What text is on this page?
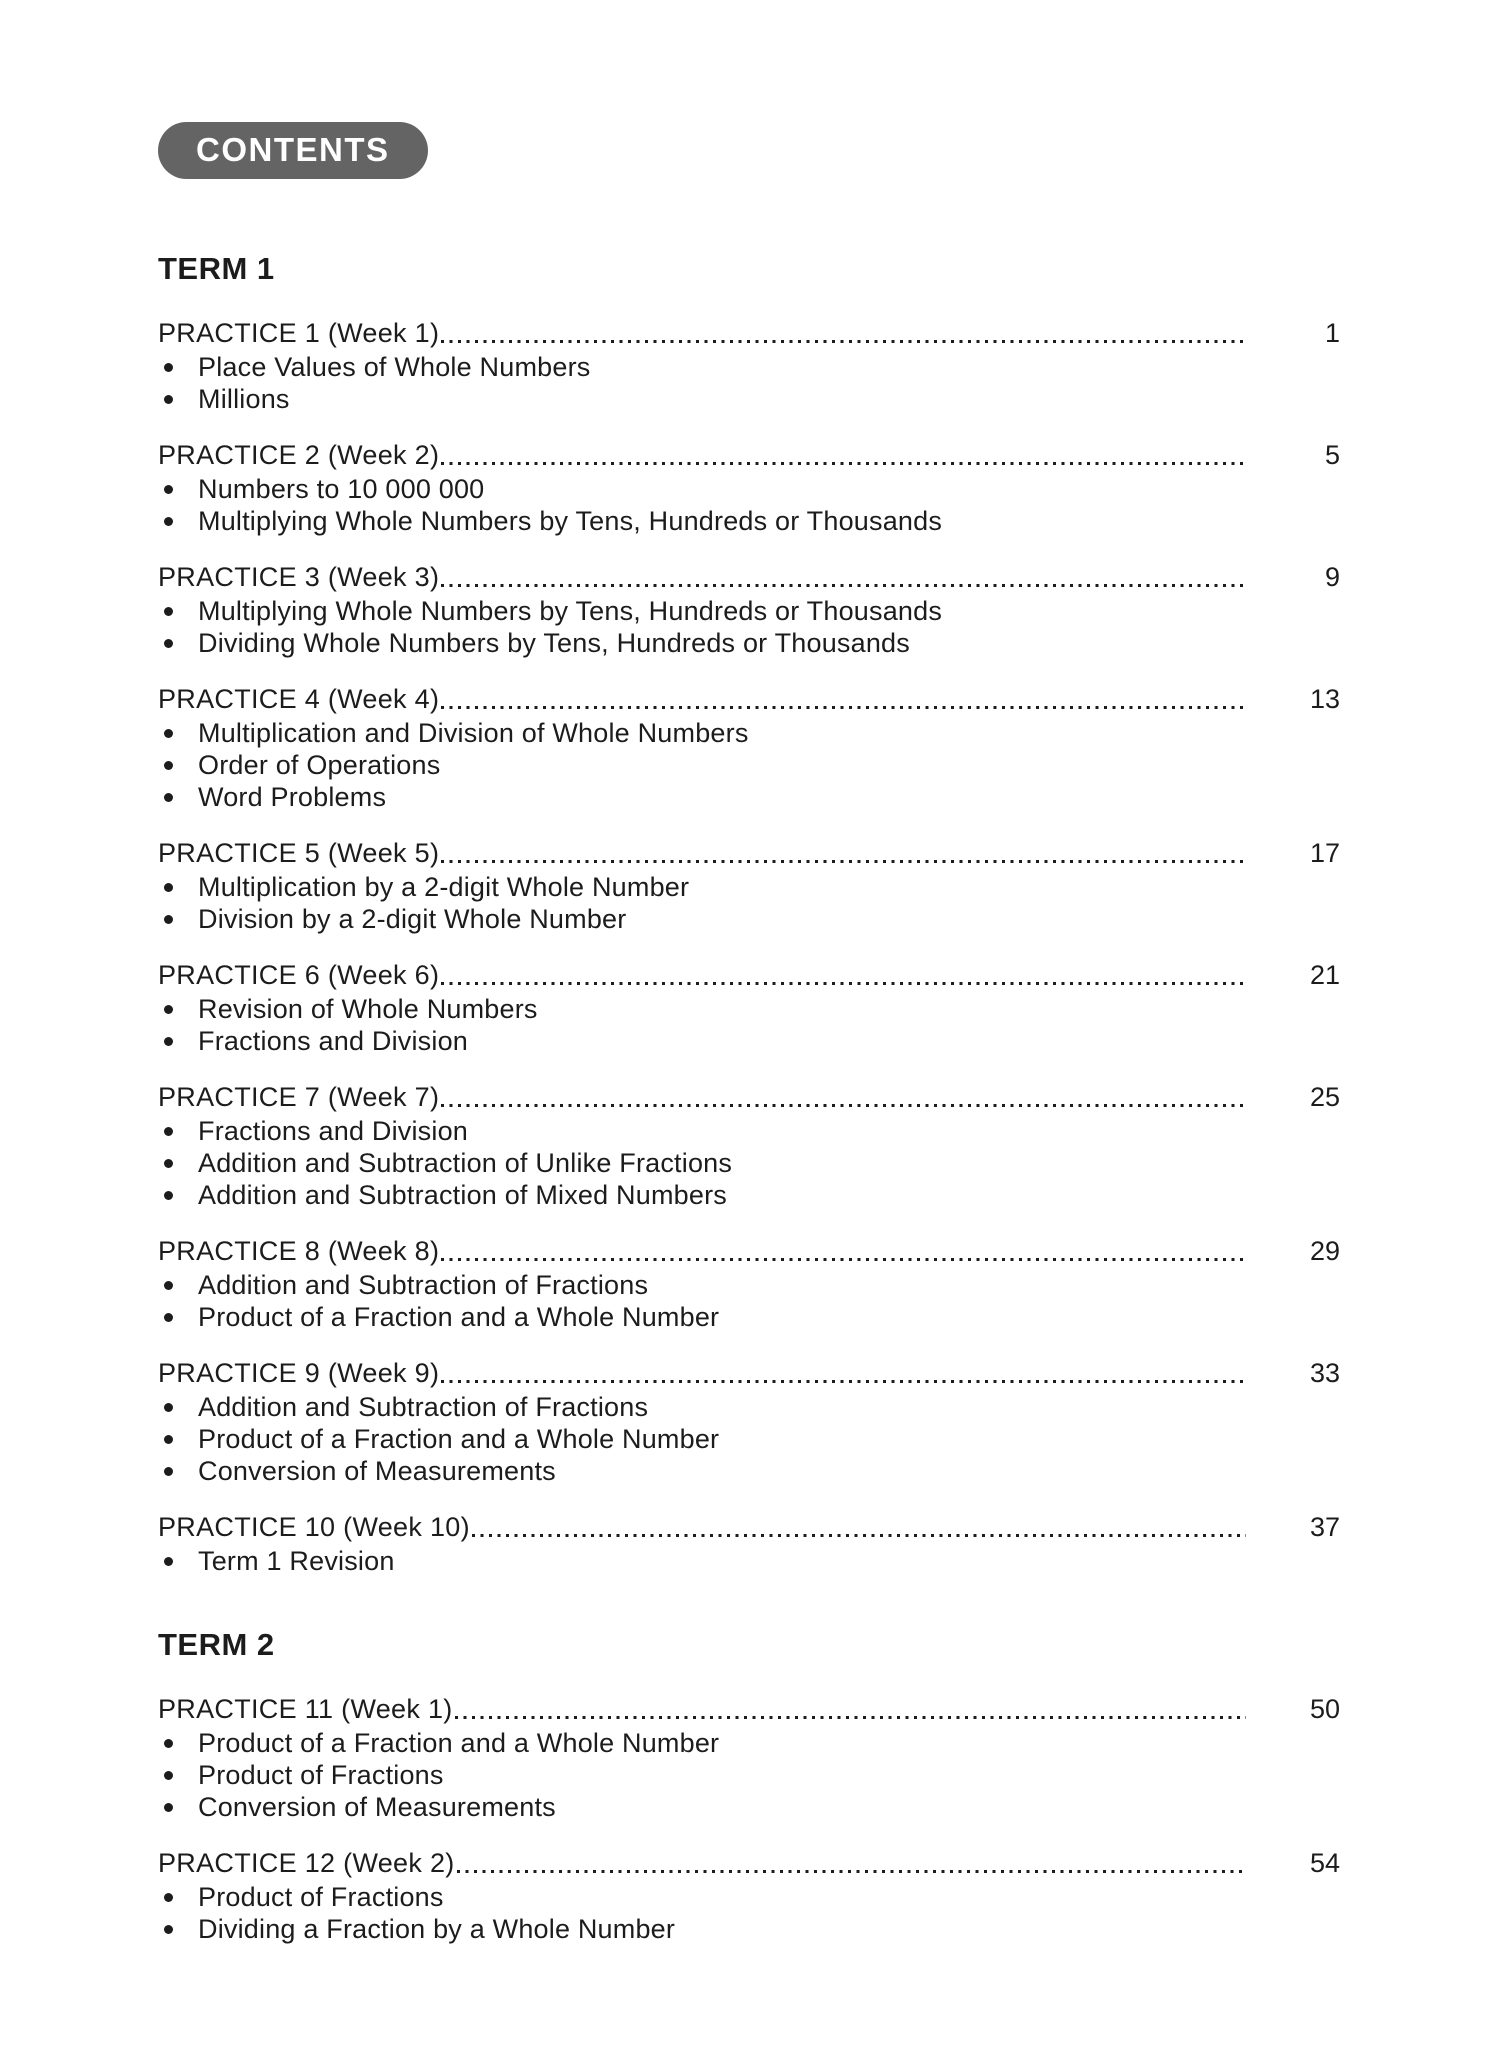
CONTENTS
TERM 1
PRACTICE 1 (Week 1)	1
Place Values of Whole Numbers
Millions
PRACTICE 2 (Week 2)	5
Numbers to 10 000 000
Multiplying Whole Numbers by Tens, Hundreds or Thousands
PRACTICE 3 (Week 3)	9
Multiplying Whole Numbers by Tens, Hundreds or Thousands
Dividing Whole Numbers by Tens, Hundreds or Thousands
PRACTICE 4 (Week 4)	13
Multiplication and Division of Whole Numbers
Order of Operations
Word Problems
PRACTICE 5 (Week 5)	17
Multiplication by a 2-digit Whole Number
Division by a 2-digit Whole Number
PRACTICE 6 (Week 6)	21
Revision of Whole Numbers
Fractions and Division
PRACTICE 7 (Week 7)	25
Fractions and Division
Addition and Subtraction of Unlike Fractions
Addition and Subtraction of Mixed Numbers
PRACTICE 8 (Week 8)	29
Addition and Subtraction of Fractions
Product of a Fraction and a Whole Number
PRACTICE 9 (Week 9)	33
Addition and Subtraction of Fractions
Product of a Fraction and a Whole Number
Conversion of Measurements
PRACTICE 10 (Week 10)	37
Term 1 Revision
TERM 2
PRACTICE 11 (Week 1)	50
Product of a Fraction and a Whole Number
Product of Fractions
Conversion of Measurements
PRACTICE 12 (Week 2)	54
Product of Fractions
Dividing a Fraction by a Whole Number
